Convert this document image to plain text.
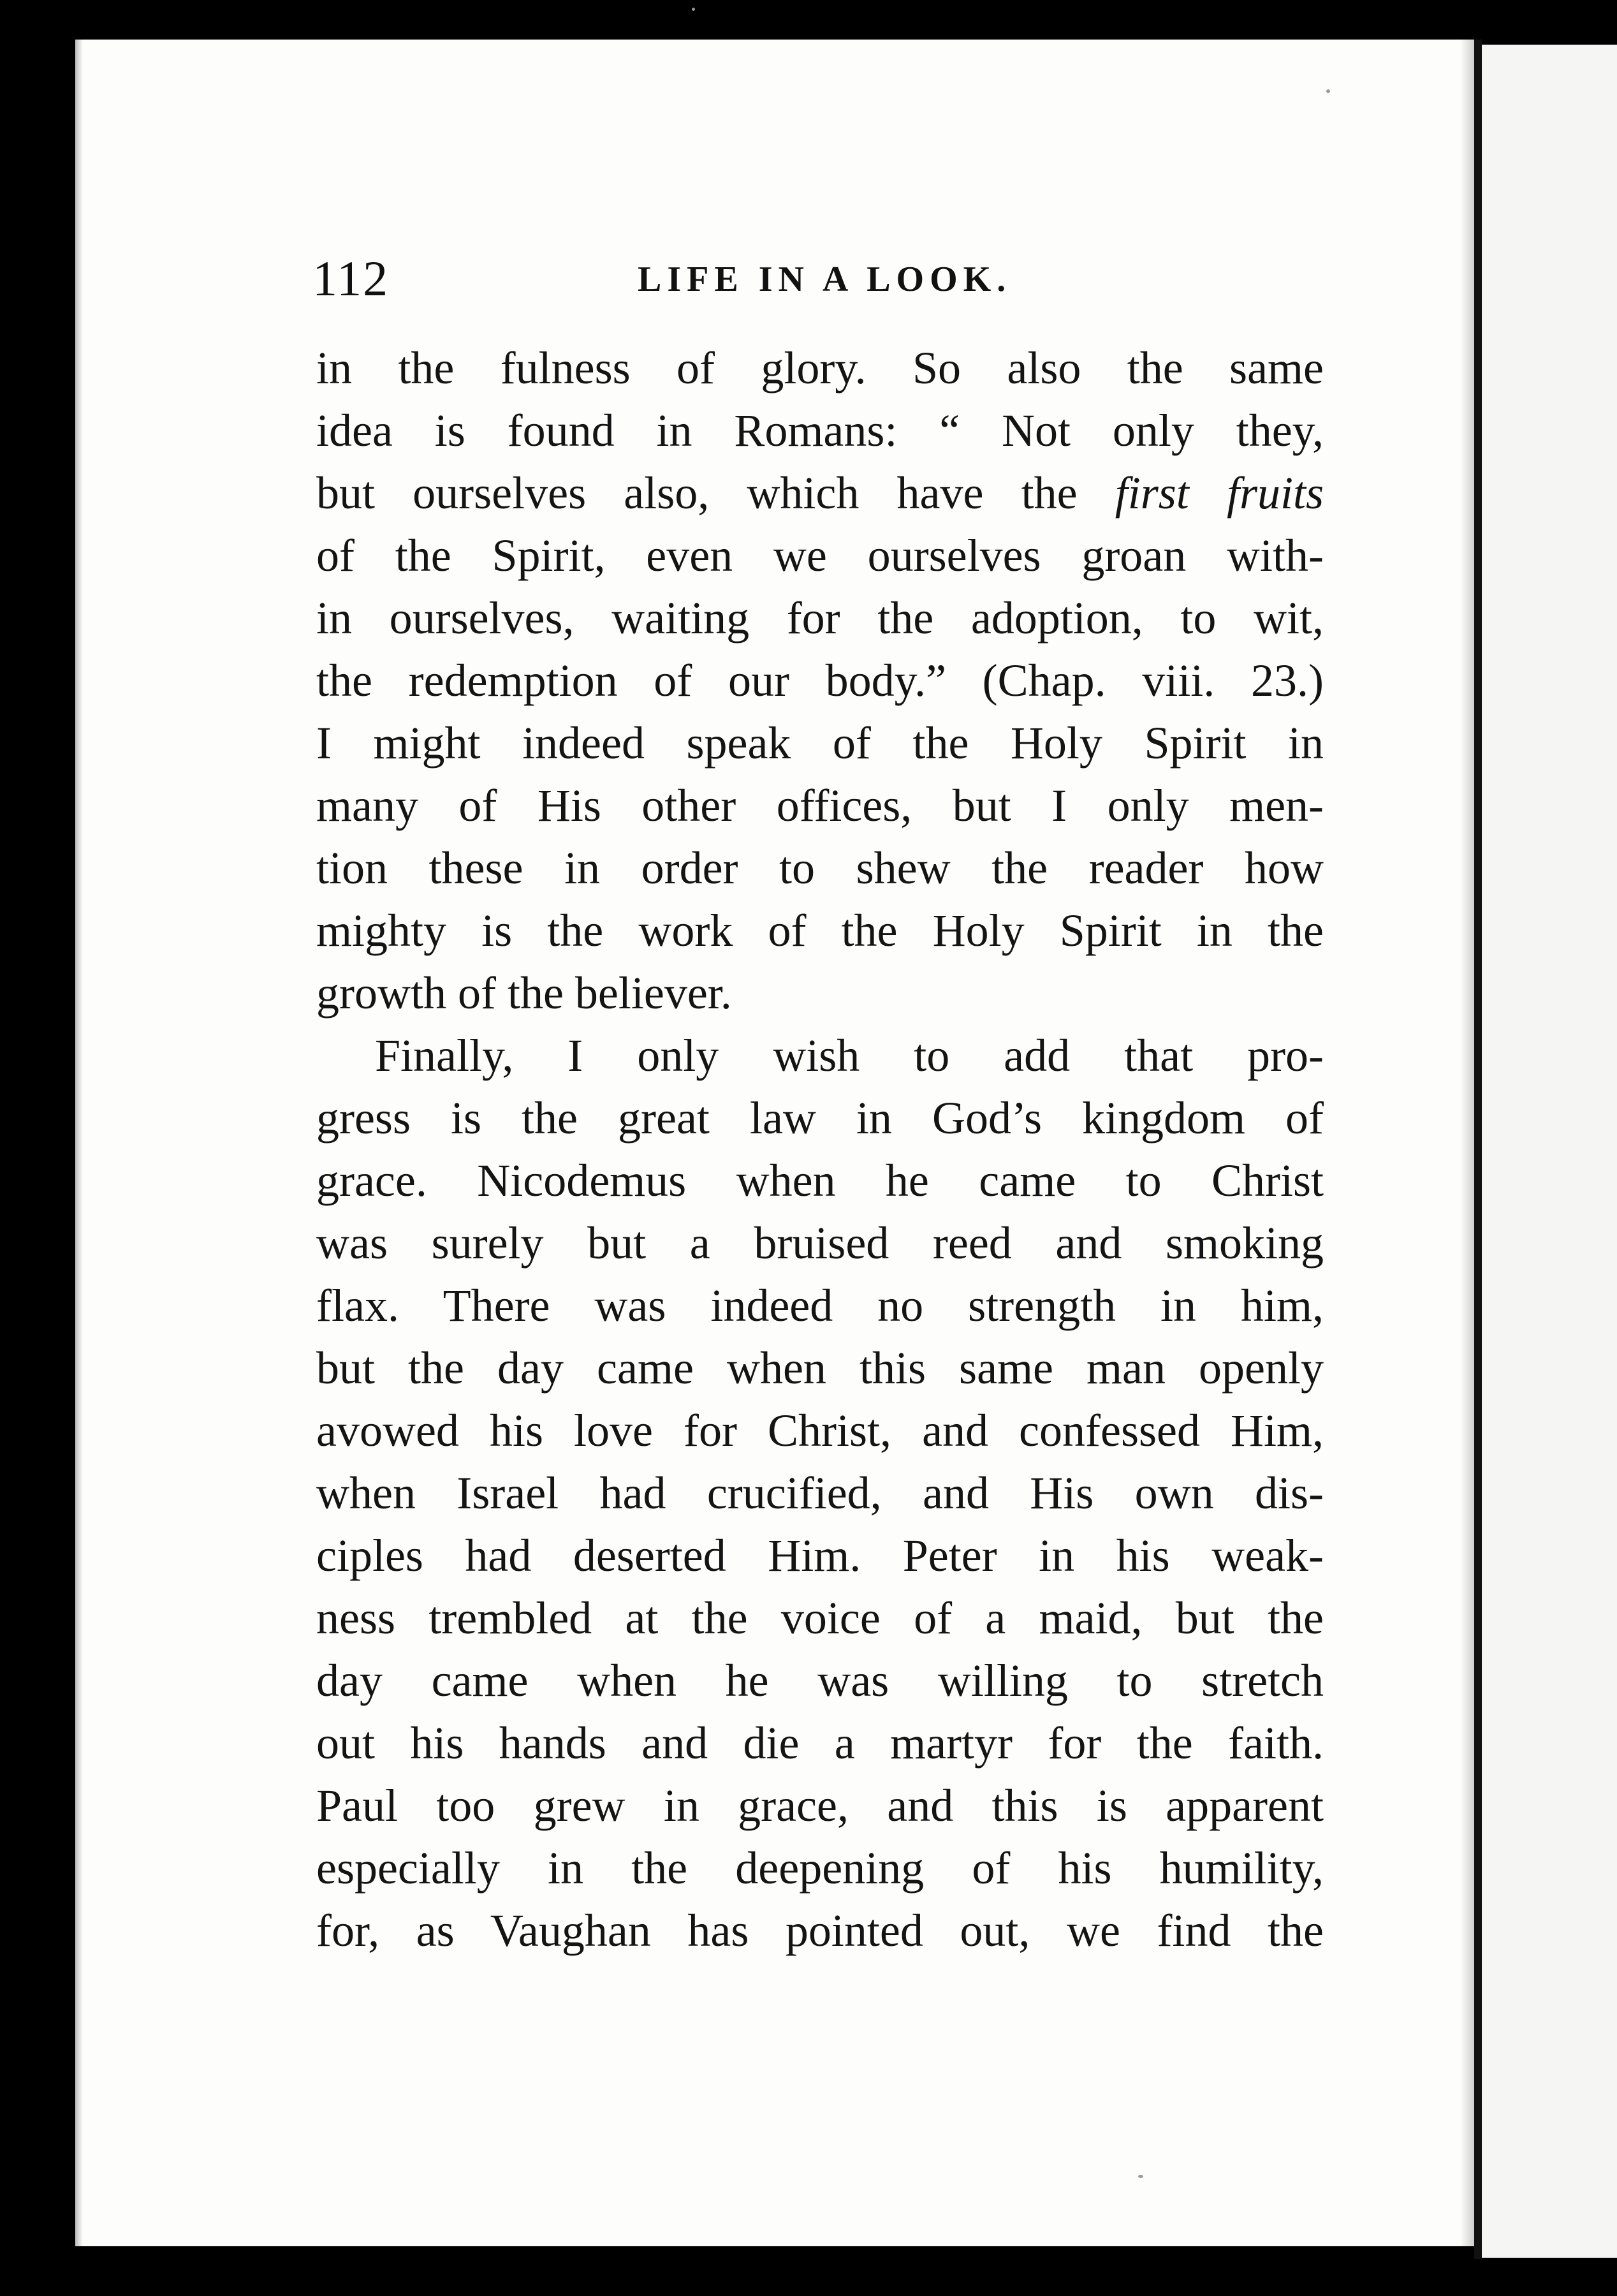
112	LIFE IN A LOOK.
in the fulness of glory. So also the same
idea is found in Romans: “ Not only they,
but ourselves also, which have the first fruits
of the Spirit, even we ourselves groan with-
in ourselves, waiting for the adoption, to wit,
the redemption of our body.” (Chap. viii. 23.)
I might indeed speak of the Holy Spirit in
many of His other offices, but I only men-
tion these in order to shew the reader how
mighty is the work of the Holy Spirit in the
growth of the believer.
Finally, I only wish to add that pro-
gress is the great law in God’s kingdom of
grace. Nicodemus when he came to Christ
was surely but a bruised reed and smoking
flax. There was indeed no strength in him,
but the day came when this same man openly
avowed his love for Christ, and confessed Him,
when Israel had crucified, and His own dis-
ciples had deserted Him. Peter in his weak-
ness trembled at the voice of a maid, but the
day came when he was willing to stretch
out his hands and die a martyr for the faith.
Paul too grew in grace, and this is apparent
especially in the deepening of his humility,
for, as Vaughan has pointed out, we find the
